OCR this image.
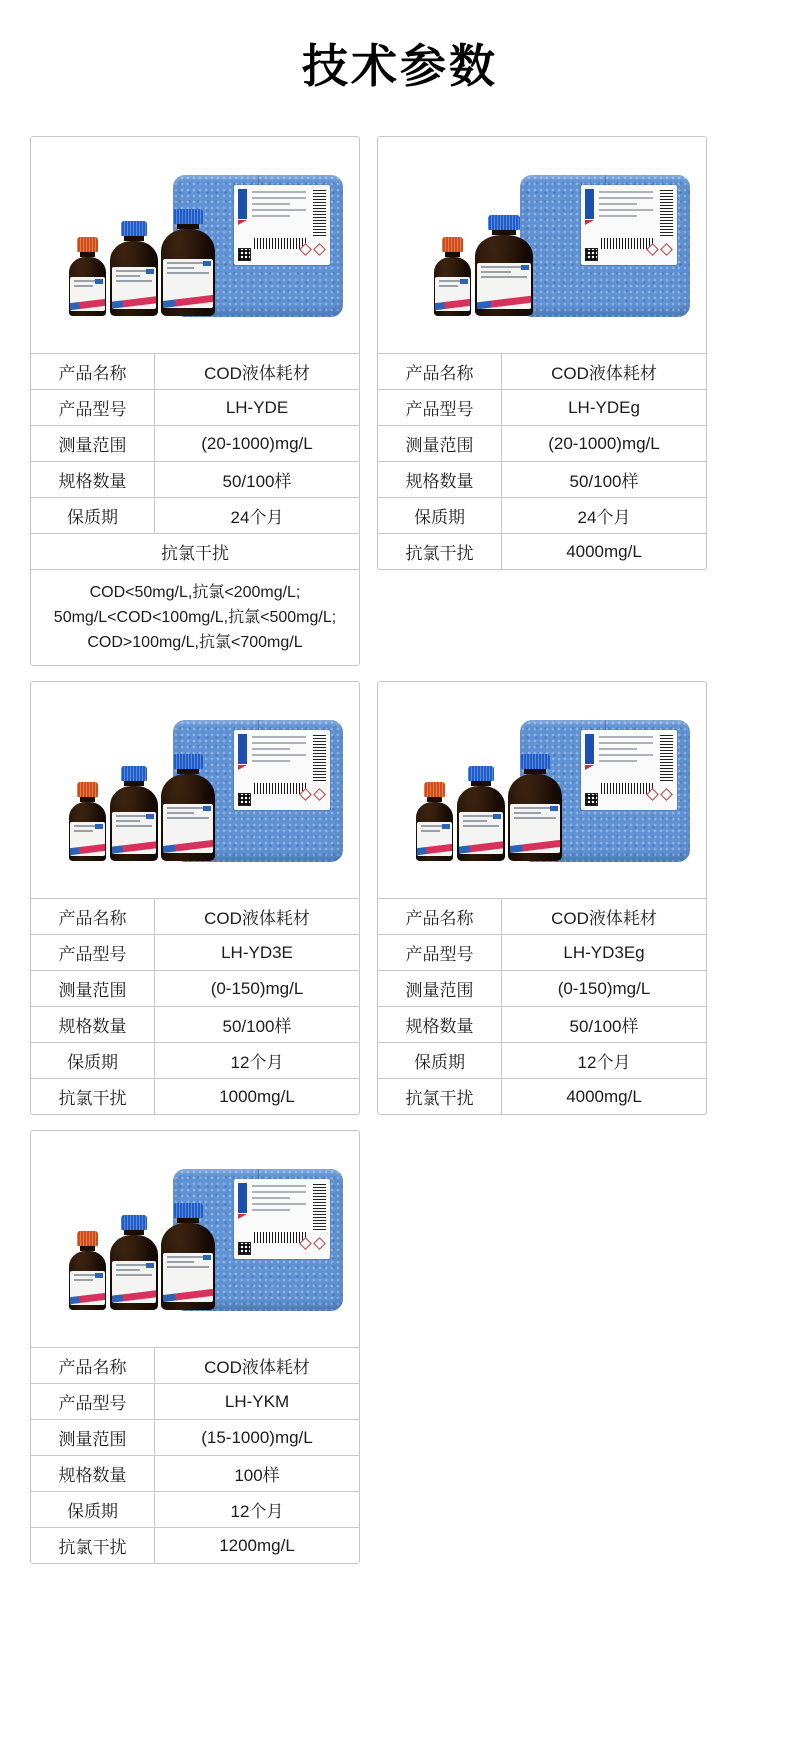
技术参数
产品名称	COD液体耗材
产品型号	LH-YDE
测量范围	(20-1000)mg/L
规格数量	50/100样
保质期	24个月
抗氯干扰
COD<50mg/L,抗氯<200mg/L;
50mg/L<COD<100mg/L,抗氯<500mg/L;
COD>100mg/L,抗氯<700mg/L
产品名称	COD液体耗材
产品型号	LH-YDEg
测量范围	(20-1000)mg/L
规格数量	50/100样
保质期	24个月
抗氯干扰	4000mg/L
产品名称	COD液体耗材
产品型号	LH-YD3E
测量范围	(0-150)mg/L
规格数量	50/100样
保质期	12个月
抗氯干扰	1000mg/L
产品名称	COD液体耗材
产品型号	LH-YD3Eg
测量范围	(0-150)mg/L
规格数量	50/100样
保质期	12个月
抗氯干扰	4000mg/L
产品名称	COD液体耗材
产品型号	LH-YKM
测量范围	(15-1000)mg/L
规格数量	100样
保质期	12个月
抗氯干扰	1200mg/L
